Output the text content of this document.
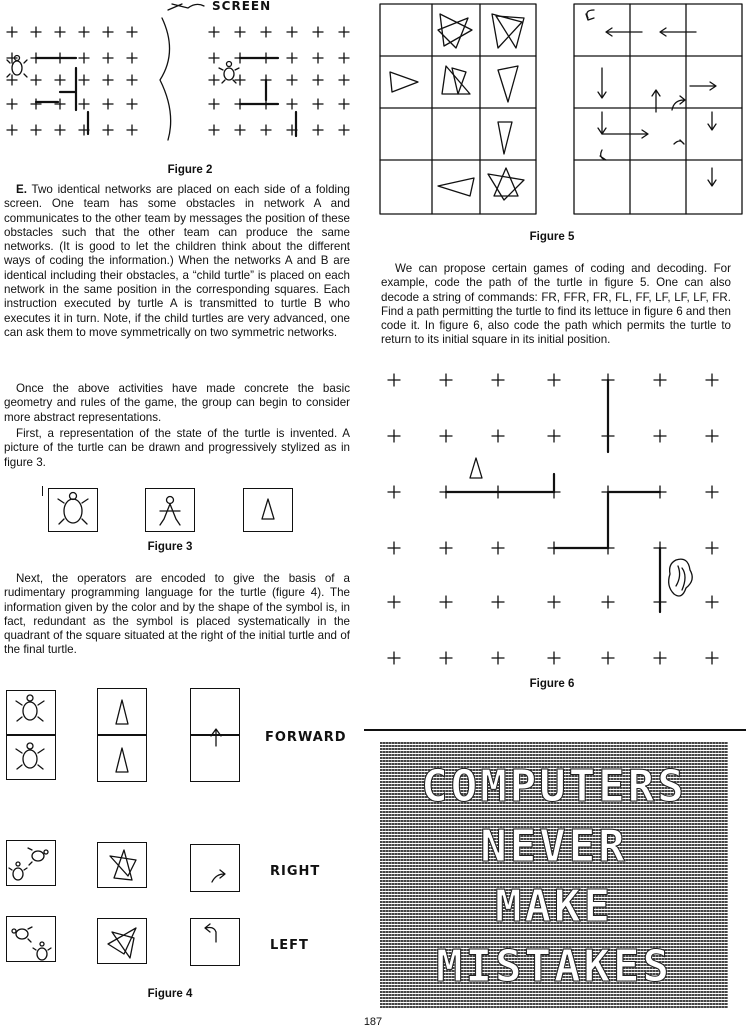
SCREEN
Figure 2

E. Two identical networks are placed on each side of a folding screen. One team has some obstacles in network A and communicates to the other team by messages the position of these obstacles such that the other team can produce the same networks. (It is good to let the children think about the different ways of coding the information.) When the networks A and B are identical including their obstacles, a “child turtle” is placed on each network in the same position in the corresponding squares. Each instruction executed by turtle A is transmitted to turtle B who executes it in turn. Note, if the child turtles are very advanced, one can ask them to move symmetrically on two symmetric networks.

Once the above activities have made concrete the basic geometry and rules of the game, the group can begin to consider more abstract representations.

First, a representation of the state of the turtle is invented. A picture of the turtle can be drawn and progressively stylized as in figure 3.

Figure 3

Next, the operators are encoded to give the basis of a rudimentary programming language for the turtle (figure 4). The information given by the color and by the shape of the symbol is, in fact, redundant as the symbol is placed systematically in the quadrant of the square situated at the right of the initial turtle and of the final turtle.

FORWARD
RIGHT
LEFT
Figure 4
Figure 5

We can propose certain games of coding and decoding. For example, code the path of the turtle in figure 5. One can also decode a string of commands: FR, FFR, FR, FL, FF, LF, LF, LF, FR. Find a path permitting the turtle to find its lettuce in figure 6 and then code it. In figure 6, also code the path which permits the turtle to return to its initial square in its initial position.

Figure 6
COMPUTERS
NEVER
MAKE
MISTAKES
187
